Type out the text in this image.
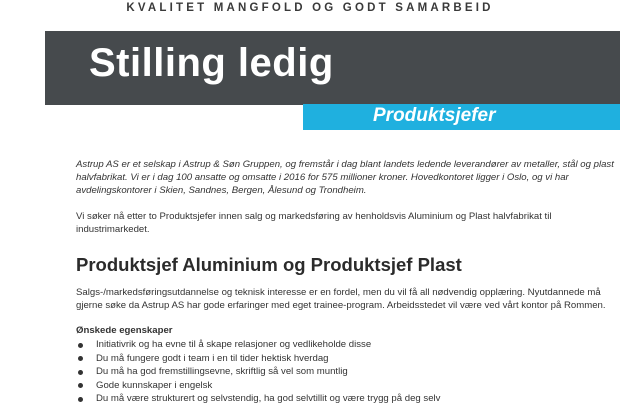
KVALITET MANGFOLD OG GODT SAMARBEID
Stilling ledig
Produktsjefer
Astrup AS er et selskap i Astrup & Søn Gruppen, og fremstår i dag blant landets ledende leverandører av metaller, stål og plast halvfabrikat. Vi er i dag 100 ansatte og omsatte i 2016 for 575 millioner kroner. Hovedkontoret ligger i Oslo, og vi har avdelingskontorer i Skien, Sandnes, Bergen, Ålesund og Trondheim.
Vi søker nå etter to Produktsjefer innen salg og markedsføring av henholdsvis Aluminium og Plast halvfabrikat til industrimarkedet.
Produktsjef Aluminium og Produktsjef Plast
Salgs-/markedsføringsutdannelse og teknisk interesse er en fordel, men du vil få all nødvendig opplæring. Nyutdannede må gjerne søke da Astrup AS har gode erfaringer med eget trainee-program. Arbeidsstedet vil være ved vårt kontor på Rommen.
Ønskede egenskaper
Initiativrik og ha evne til å skape relasjoner og vedlikeholde disse
Du må fungere godt i team i en til tider hektisk hverdag
Du må ha god fremstillingsevne, skriftlig så vel som muntlig
Gode kunnskaper i engelsk
Du må være strukturert og selvstendig, ha god selvtillit og være trygg på deg selv
